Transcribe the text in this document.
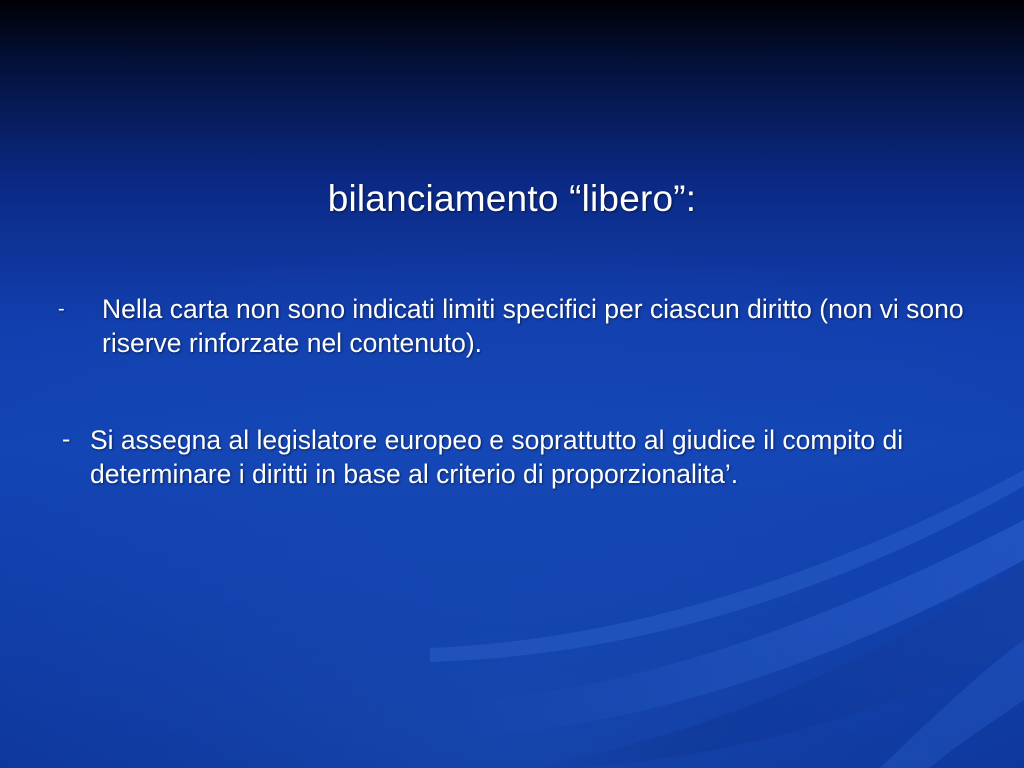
bilanciamento “libero”:
-	Nella carta non sono indicati limiti specifici per ciascun diritto (non vi sono riserve rinforzate nel contenuto).
- Si assegna al legislatore europeo e soprattutto al giudice il compito di determinare i diritti in base al criterio di proporzionalita’.
